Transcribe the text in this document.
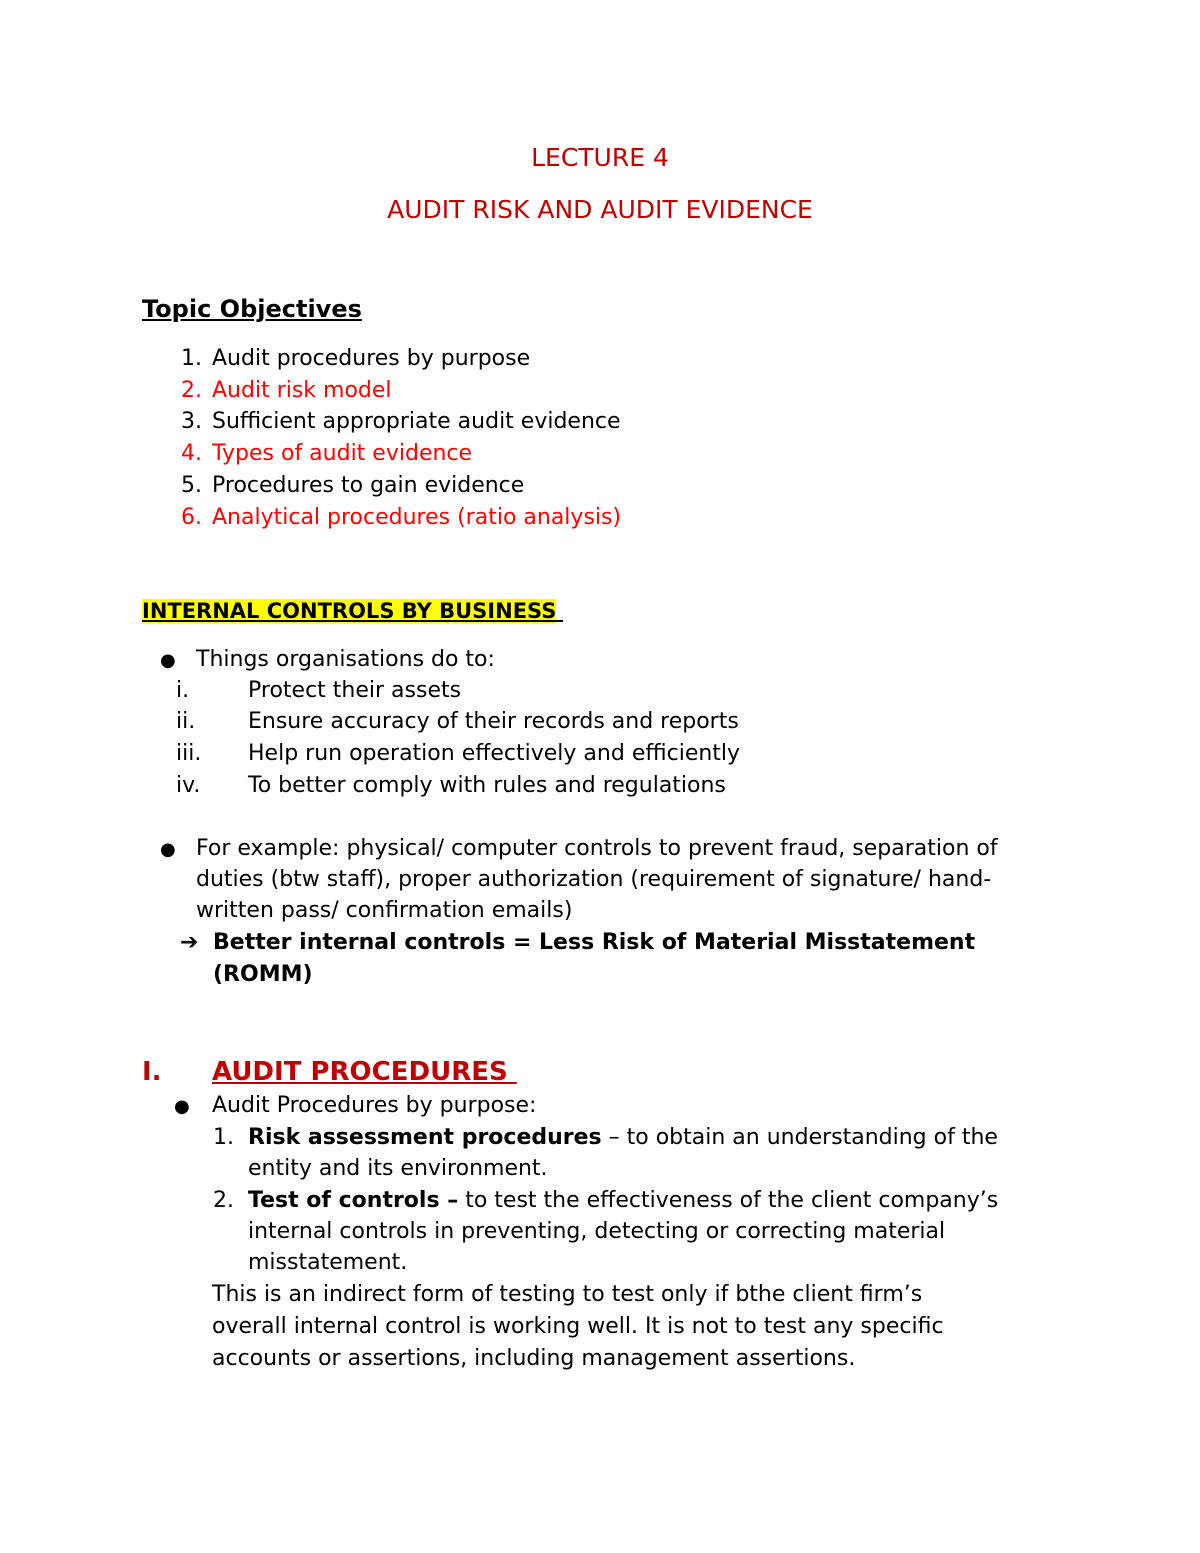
LECTURE 4
AUDIT RISK AND AUDIT EVIDENCE
Topic Objectives
1. Audit procedures by purpose
2. Audit risk model
3. Sufficient appropriate audit evidence
4. Types of audit evidence
5. Procedures to gain evidence
6. Analytical procedures (ratio analysis)
INTERNAL CONTROLS BY BUSINESS
● Things organisations do to:
i.	Protect their assets
ii. Ensure accuracy of their records and reports
iii. Help run operation effectively and efficiently
iv. To better comply with rules and regulations
● For example: physical/ computer controls to prevent fraud, separation of
duties (btw staff), proper authorization (requirement of signature/ hand-
written pass/ confirmation emails)
➔ Better internal controls = Less Risk of Material Misstatement
(ROMM)
I. AUDIT PROCEDURES
● Audit Procedures by purpose:
1. Risk assessment procedures – to obtain an understanding of the
entity and its environment.
2. Test of controls – to test the effectiveness of the client company’s
internal controls in preventing, detecting or correcting material
misstatement.
This is an indirect form of testing to test only if bthe client firm’s
overall internal control is working well. It is not to test any specific
accounts or assertions, including management assertions.
